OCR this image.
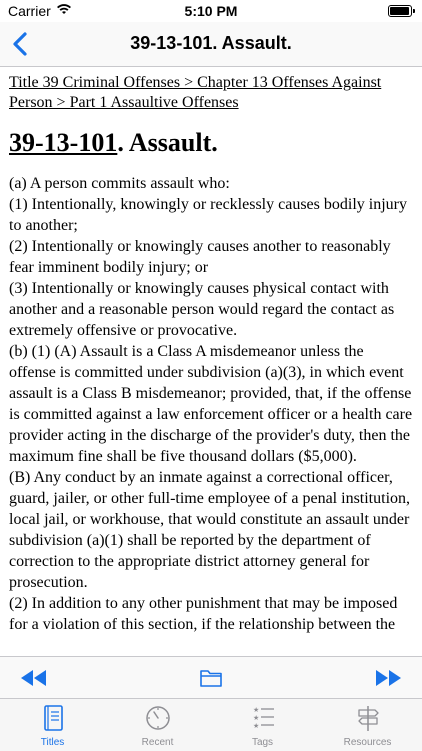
Carrier	5:10 PM
39-13-101. Assault.
Title 39 Criminal Offenses > Chapter 13 Offenses Against Person > Part 1 Assaultive Offenses
39-13-101. Assault.

(a) A person commits assault who:

(1) Intentionally, knowingly or recklessly causes bodily injury to another;

(2) Intentionally or knowingly causes another to reasonably fear imminent bodily injury; or

(3) Intentionally or knowingly causes physical contact with another and a reasonable person would regard the contact as extremely offensive or provocative.

(b) (1) (A) Assault is a Class A misdemeanor unless the offense is committed under subdivision (a)(3), in which event assault is a Class B misdemeanor; provided, that, if the offense is committed against a law enforcement officer or a health care provider acting in the discharge of the provider's duty, then the maximum fine shall be five thousand dollars ($5,000).

(B) Any conduct by an inmate against a correctional officer, guard, jailer, or other full-time employee of a penal institution, local jail, or workhouse, that would constitute an assault under subdivision (a)(1) shall be reported by the department of correction to the appropriate district attorney general for prosecution.

(2) In addition to any other punishment that may be imposed for a violation of this section, if the relationship between the

Titles	Recent
★
★
★
Tags	Resources
